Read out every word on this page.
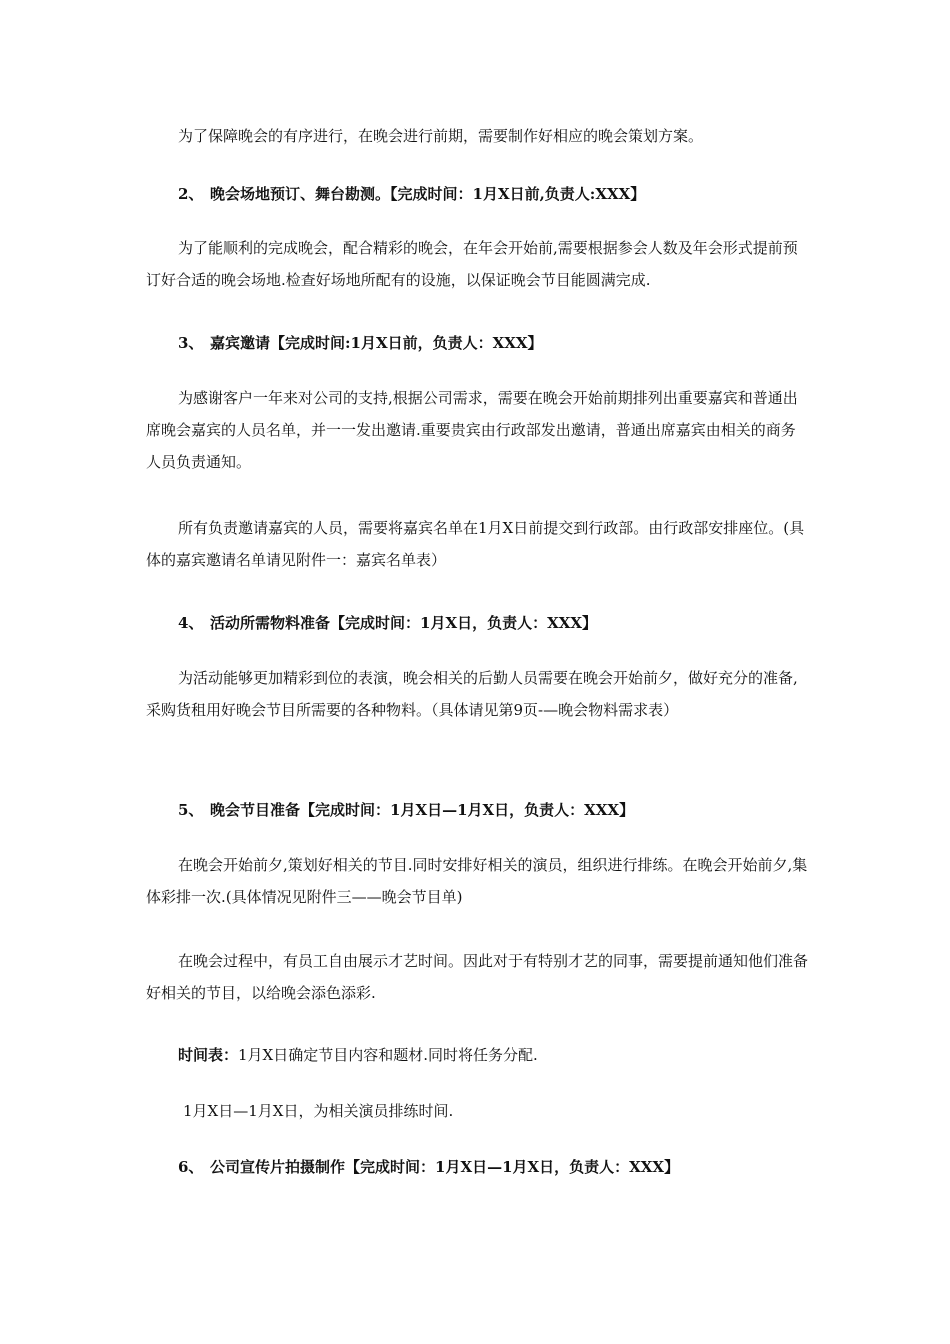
为了保障晚会的有序进行，在晚会进行前期，需要制作好相应的晚会策划方案。

2、 晚会场地预订、舞台勘测。【完成时间：1月X日前,负责人:XXX】

为了能顺利的完成晚会，配合精彩的晚会，在年会开始前,需要根据参会人数及年会形式提前预订好合适的晚会场地.检查好场地所配有的设施，以保证晚会节目能圆满完成.

3、 嘉宾邀请【完成时间:1月X日前，负责人：XXX】

为感谢客户一年来对公司的支持,根据公司需求，需要在晚会开始前期排列出重要嘉宾和普通出席晚会嘉宾的人员名单，并一一发出邀请.重要贵宾由行政部发出邀请，普通出席嘉宾由相关的商务人员负责通知。

所有负责邀请嘉宾的人员，需要将嘉宾名单在1月X日前提交到行政部。由行政部安排座位。(具体的嘉宾邀请名单请见附件一：嘉宾名单表）

4、 活动所需物料准备【完成时间：1月X日，负责人：XXX】

为活动能够更加精彩到位的表演，晚会相关的后勤人员需要在晚会开始前夕，做好充分的准备,采购货租用好晚会节目所需要的各种物料。（具体请见第9页-—晚会物料需求表）

5、 晚会节目准备【完成时间：1月X日—1月X日，负责人：XXX】

在晚会开始前夕,策划好相关的节目.同时安排好相关的演员，组织进行排练。在晚会开始前夕,集体彩排一次.(具体情况见附件三——晚会节目单)

在晚会过程中，有员工自由展示才艺时间。因此对于有特别才艺的同事，需要提前通知他们准备好相关的节目，以给晚会添色添彩.

时间表：1月X日确定节目内容和题材.同时将任务分配.

1月X日—1月X日，为相关演员排练时间.

6、 公司宣传片拍摄制作【完成时间：1月X日—1月X日，负责人：XXX】
